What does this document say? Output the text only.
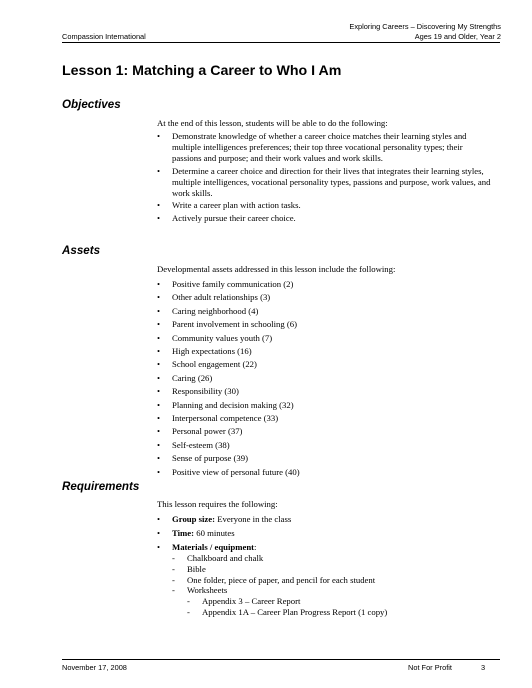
Exploring Careers – Discovering My Strengths
Ages 19 and Older, Year 2
Compassion International
Lesson 1: Matching a Career to Who I Am
Objectives
At the end of this lesson, students will be able to do the following:
• Demonstrate knowledge of whether a career choice matches their learning styles and multiple intelligences preferences; their top three vocational personality types; their passions and purpose; and their work values and work skills.
• Determine a career choice and direction for their lives that integrates their learning styles, multiple intelligences, vocational personality types, passions and purpose, work values, and work skills.
• Write a career plan with action tasks.
• Actively pursue their career choice.
Assets
Developmental assets addressed in this lesson include the following:
• Positive family communication (2)
• Other adult relationships (3)
• Caring neighborhood (4)
• Parent involvement in schooling (6)
• Community values youth (7)
• High expectations (16)
• School engagement (22)
• Caring (26)
• Responsibility (30)
• Planning and decision making (32)
• Interpersonal competence (33)
• Personal power (37)
• Self-esteem (38)
• Sense of purpose (39)
• Positive view of personal future (40)
Requirements
This lesson requires the following:
• Group size: Everyone in the class
• Time: 60 minutes
• Materials / equipment:
- Chalkboard and chalk
- Bible
- One folder, piece of paper, and pencil for each student
- Worksheets
- Appendix 3 – Career Report
- Appendix 1A – Career Plan Progress Report (1 copy)
November 17, 2008	Not For Profit	3
